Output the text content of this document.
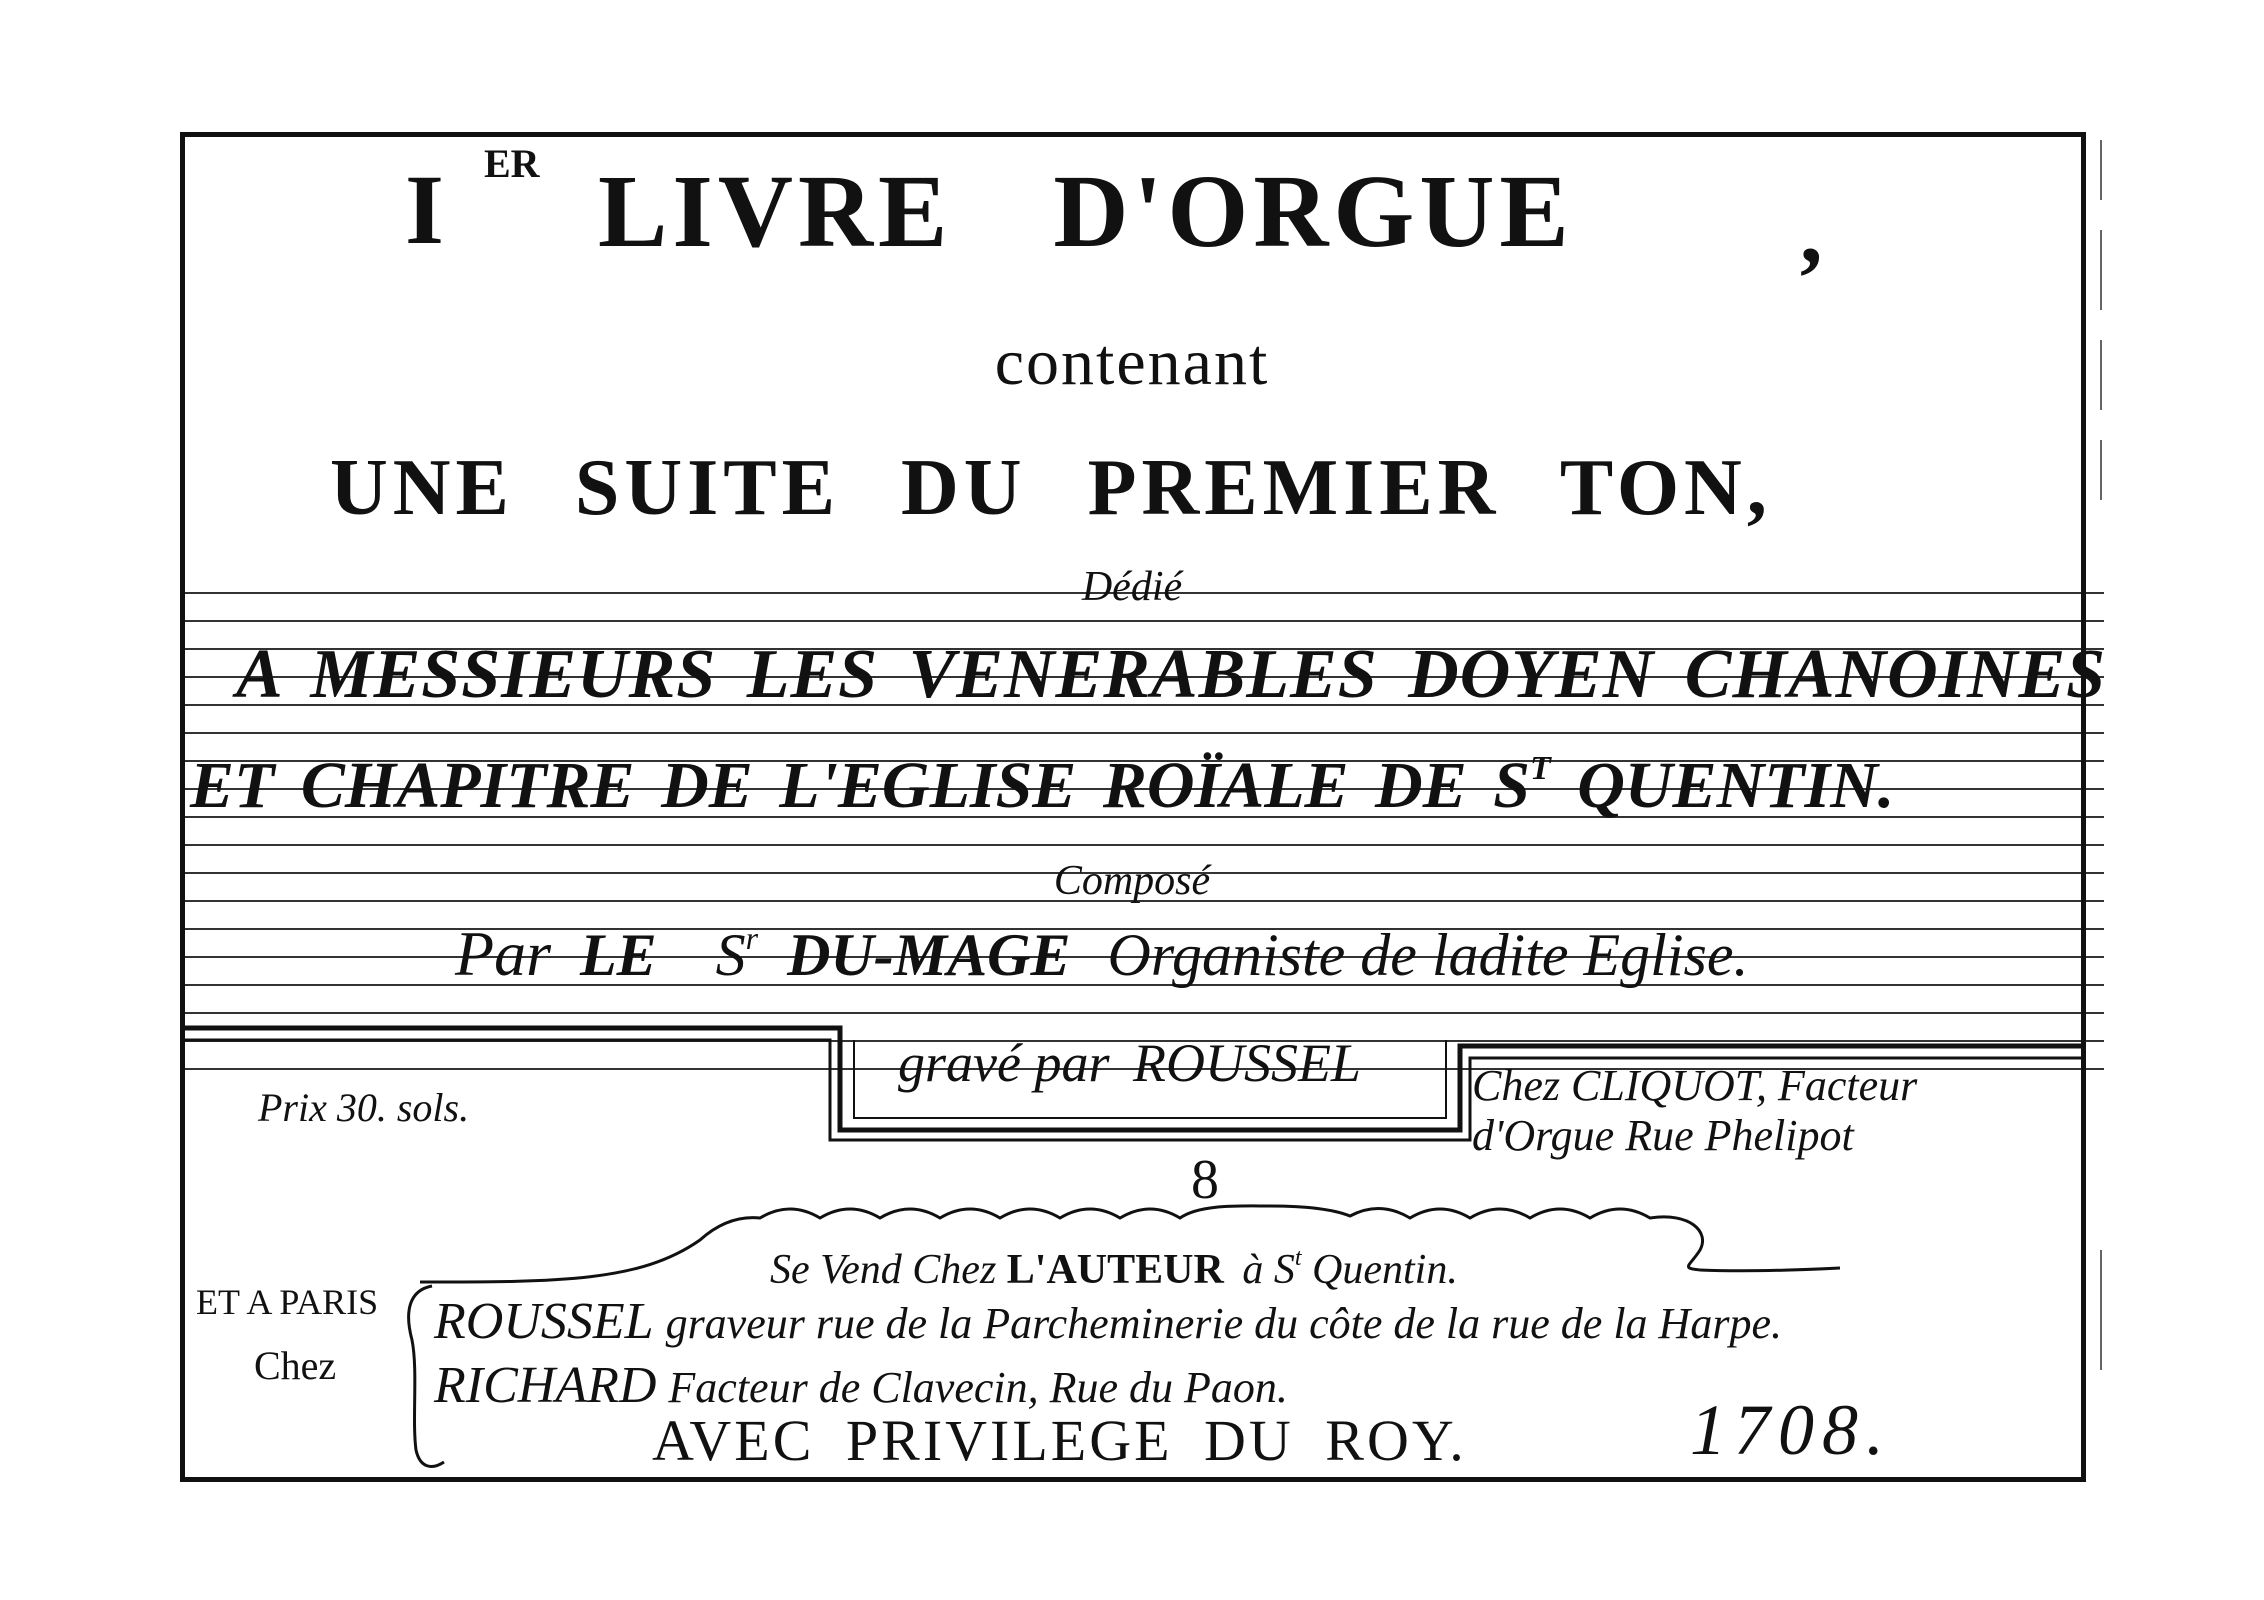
I ER LIVRE D'ORGUE	,
contenant
UNE SUITE DU PREMIER TON,
Dédié
A MESSIEURS LES VENERABLES DOYEN CHANOINES
ET CHAPITRE DE L'EGLISE ROÏALE DE $S^T$ QUENTIN.
Composé
Par LE $S^r$ DU-MAGE Organiste de ladite Eglise.
gravé par ROUSSEL
Prix 30. sols.	Chez CLIQUOT, Facteur
d'Orgue Rue Phelipot
8
Se Vend Chez L'AUTEUR à $S^t$ Quentin.
ET A PARIS
Chez
ROUSSEL graveur rue de la Parcheminerie du côte de la rue de la Harpe.
RICHARD Facteur de Clavecin, Rue du Paon.
AVEC PRIVILEGE DU ROY.	1708.
